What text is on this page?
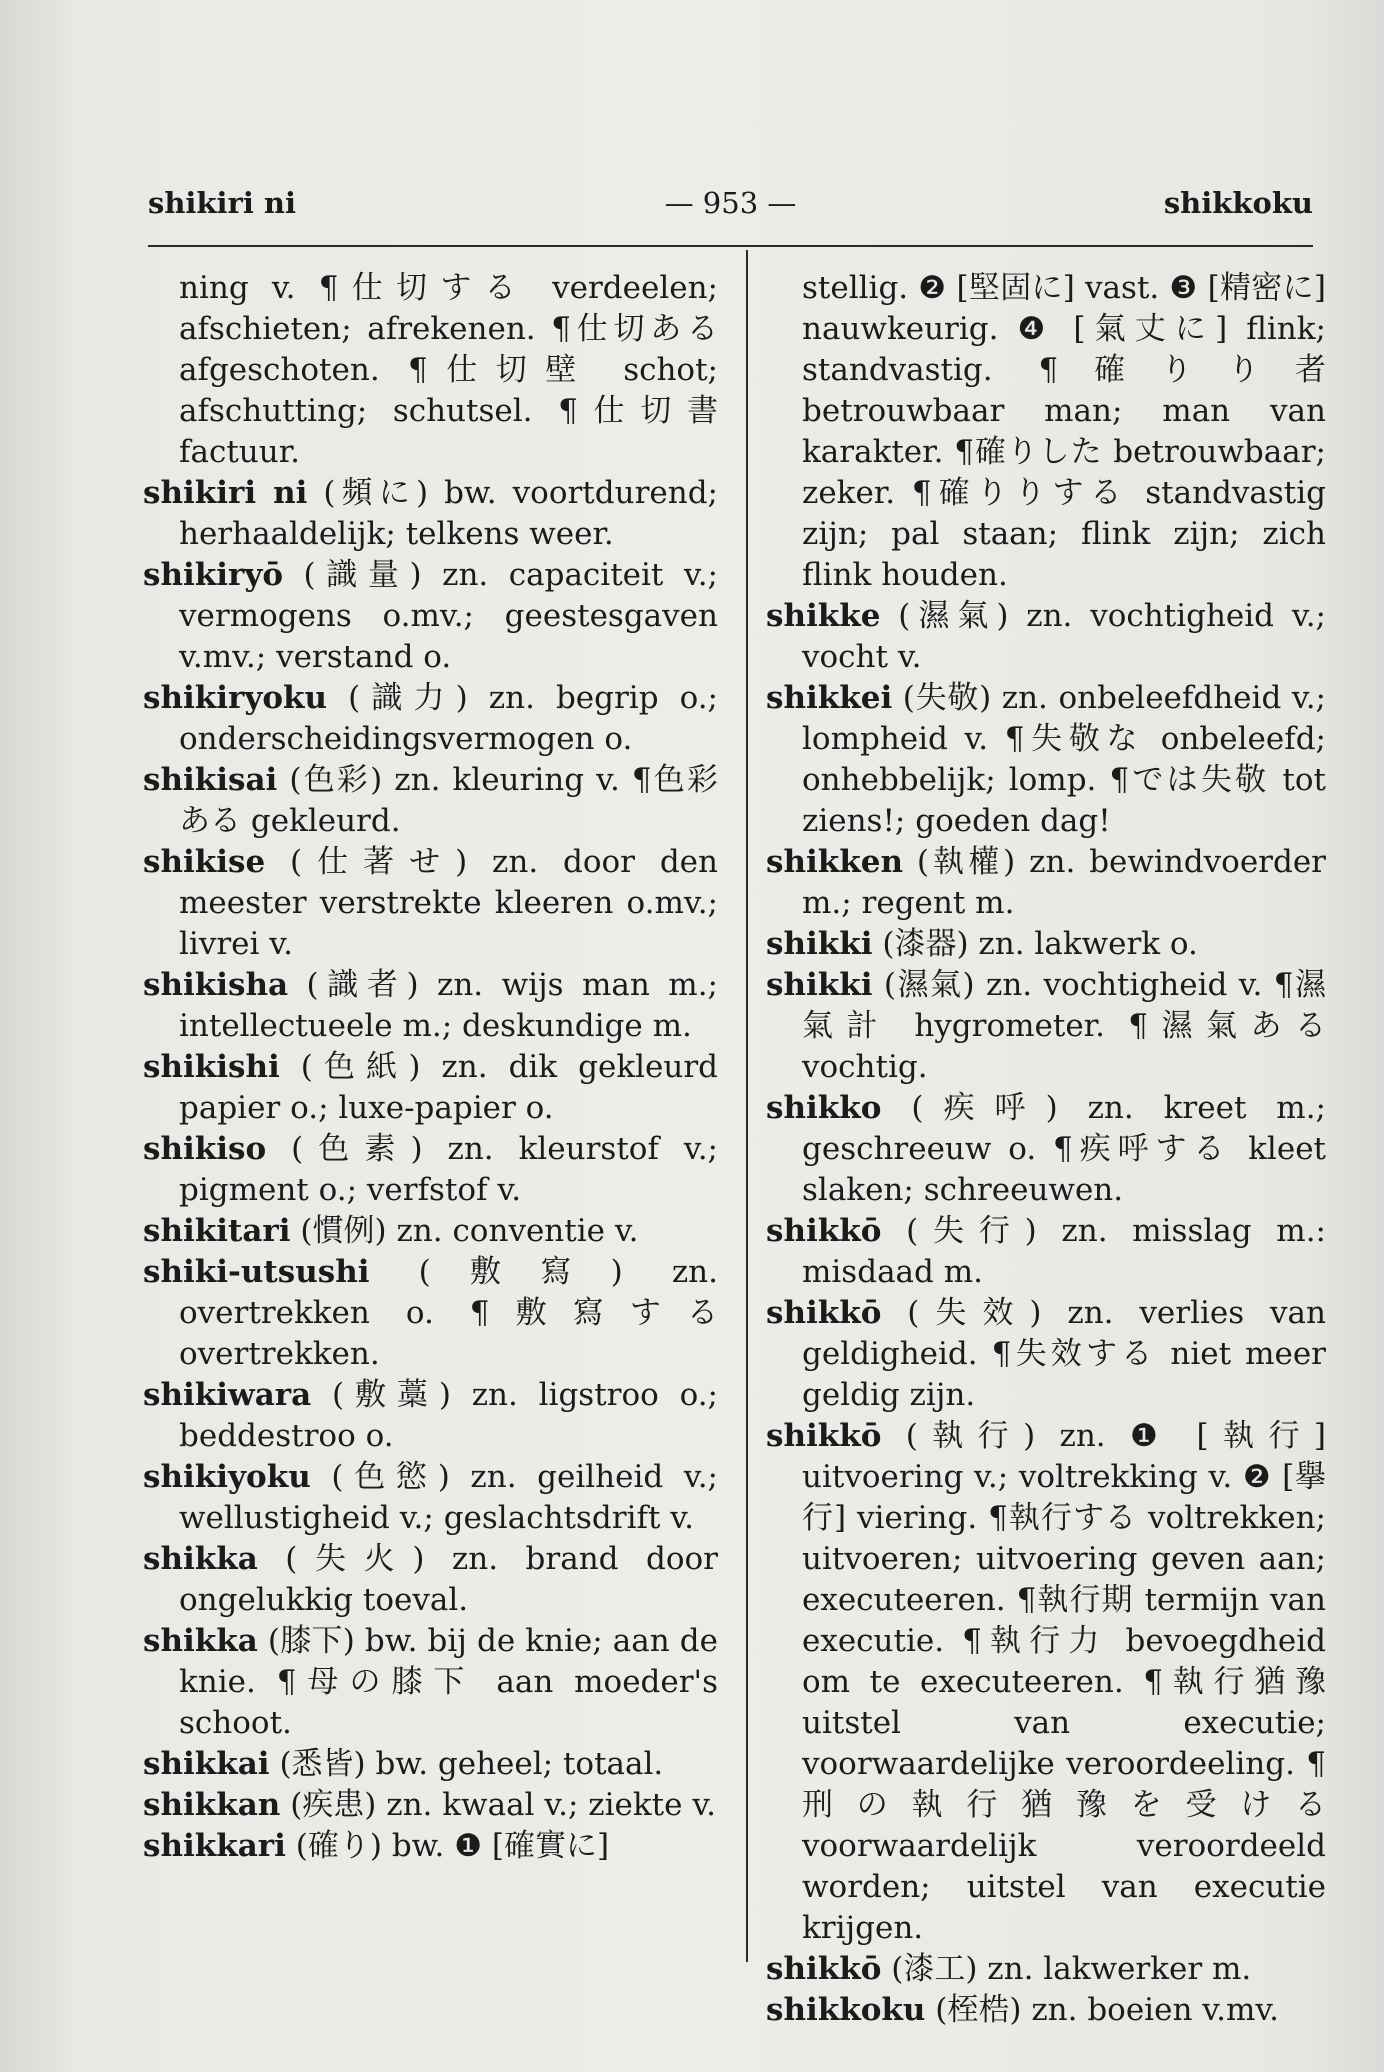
shikiri ni	— 953 —	shikkoku

ning v. ¶仕切する verdeelen; afschieten; afrekenen. ¶仕切ある afgeschoten. ¶仕切壁 schot; afschutting; schutsel. ¶仕切書 factuur.

shikiri ni (頻に) bw. voortdurend; herhaaldelijk; telkens weer.

shikiryō (識量) zn. capaciteit v.; vermogens o.mv.; geestesgaven v.mv.; verstand o.

shikiryoku (識力) zn. begrip o.; onderscheidingsvermogen o.

shikisai (色彩) zn. kleuring v. ¶色彩ある gekleurd.

shikise (仕著せ) zn. door den meester verstrekte kleeren o.mv.; livrei v.

shikisha (識者) zn. wijs man m.; intellectueele m.; deskundige m.

shikishi (色紙) zn. dik gekleurd papier o.; luxe-papier o.

shikiso (色素) zn. kleurstof v.; pigment o.; verfstof v.

shikitari (慣例) zn. conventie v.

shiki-utsushi (敷寫) zn. overtrekken o. ¶敷寫する overtrekken.

shikiwara (敷藁) zn. ligstroo o.; beddestroo o.

shikiyoku (色慾) zn. geilheid v.; wellustigheid v.; geslachtsdrift v.

shikka (失火) zn. brand door ongelukkig toeval.

shikka (膝下) bw. bij de knie; aan de knie. ¶母の膝下 aan moeder's schoot.

shikkai (悉皆) bw. geheel; totaal.

shikkan (疾患) zn. kwaal v.; ziekte v.

shikkari (確り) bw. ❶ [確實に]

stellig. ❷ [堅固に] vast. ❸ [精密に] nauwkeurig. ❹ [氣丈に] flink; standvastig. ¶確りり者 betrouwbaar man; man van karakter. ¶確りした betrouwbaar; zeker. ¶確りりする standvastig zijn; pal staan; flink zijn; zich flink houden.

shikke (濕氣) zn. vochtigheid v.; vocht v.

shikkei (失敬) zn. onbeleefdheid v.; lompheid v. ¶失敬な onbeleefd; onhebbelijk; lomp. ¶では失敬 tot ziens!; goeden dag!

shikken (執權) zn. bewindvoerder m.; regent m.

shikki (漆器) zn. lakwerk o.

shikki (濕氣) zn. vochtigheid v. ¶濕氣計 hygrometer. ¶濕氣ある vochtig.

shikko (疾呼) zn. kreet m.; geschreeuw o. ¶疾呼する kleet slaken; schreeuwen.

shikkō (失行) zn. misslag m.: misdaad m.

shikkō (失效) zn. verlies van geldigheid. ¶失效する niet meer geldig zijn.

shikkō (執行) zn. ❶ [執行] uitvoering v.; voltrekking v. ❷ [擧行] viering. ¶執行する voltrekken; uitvoeren; uitvoering geven aan; executeeren. ¶執行期 termijn van executie. ¶執行力 bevoegdheid om te executeeren. ¶執行猶豫 uitstel van executie; voorwaardelijke veroordeeling. ¶刑の執行猶豫を受ける voorwaardelijk veroordeeld worden; uitstel van executie krijgen.

shikkō (漆工) zn. lakwerker m.

shikkoku (桎梏) zn. boeien v.mv.
